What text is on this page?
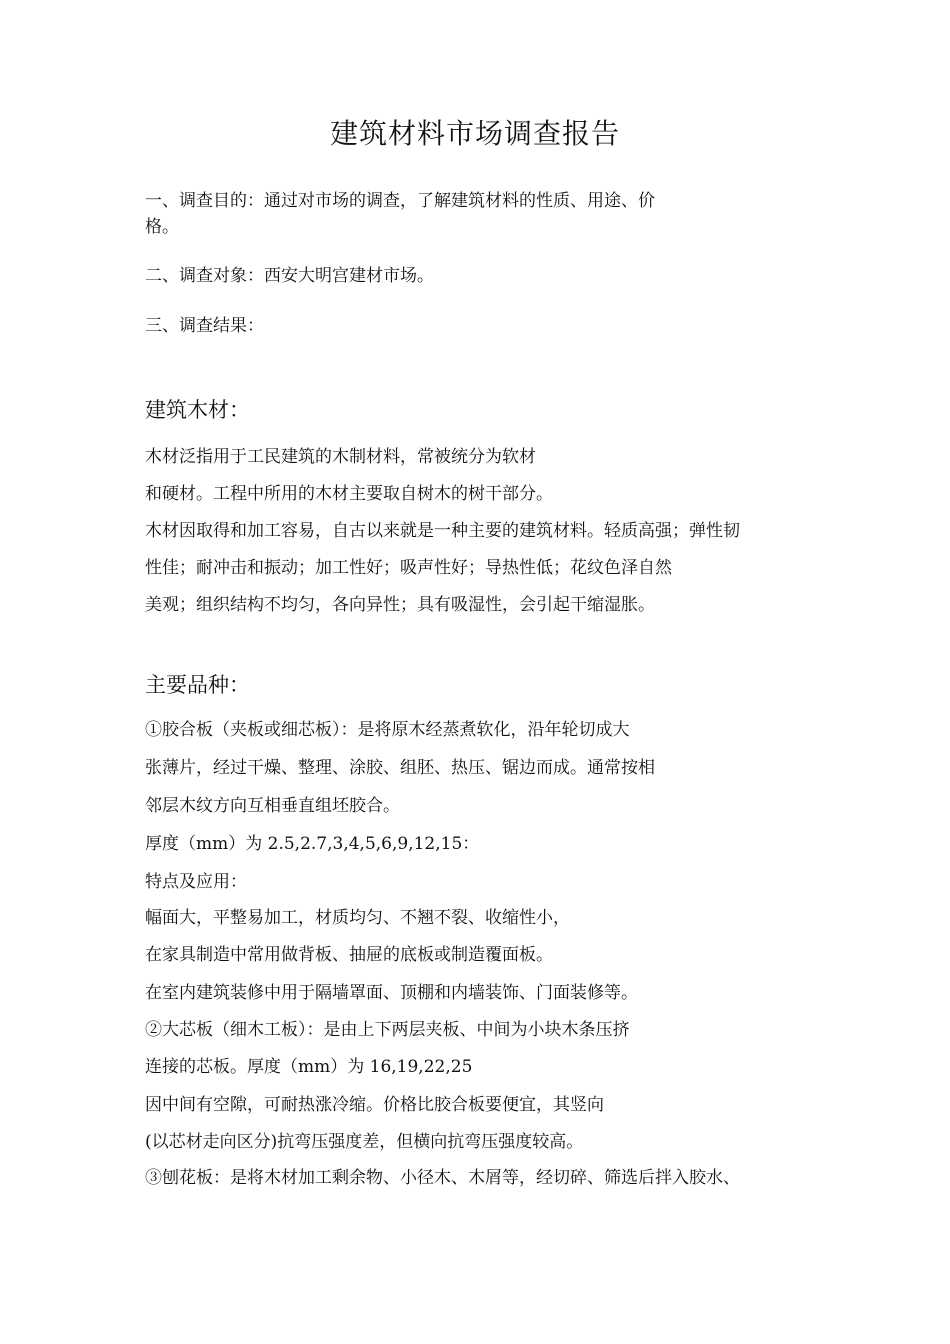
建筑材料市场调查报告
一、调查目的：通过对市场的调查，了解建筑材料的性质、用途、价
格。
二、调查对象：西安大明宫建材市场。
三、调查结果：
建筑木材：
木材泛指用于工民建筑的木制材料，常被统分为软材
和硬材。工程中所用的木材主要取自树木的树干部分。
木材因取得和加工容易，自古以来就是一种主要的建筑材料。轻质高强；弹性韧
性佳；耐冲击和振动；加工性好；吸声性好；导热性低；花纹色泽自然
美观；组织结构不均匀，各向异性；具有吸湿性，会引起干缩湿胀。
主要品种：
①胶合板（夹板或细芯板）：是将原木经蒸煮软化，沿年轮切成大
张薄片，经过干燥、整理、涂胶、组胚、热压、锯边而成。通常按相
邻层木纹方向互相垂直组坯胶合。
厚度（mm）为 2.5,2.7,3,4,5,6,9,12,15：
特点及应用：
幅面大，平整易加工，材质均匀、不翘不裂、收缩性小，
在家具制造中常用做背板、抽屉的底板或制造覆面板。
在室内建筑装修中用于隔墙罩面、顶棚和内墙装饰、门面装修等。
②大芯板（细木工板）：是由上下两层夹板、中间为小块木条压挤
连接的芯板。厚度（mm）为 16,19,22,25
因中间有空隙，可耐热涨冷缩。价格比胶合板要便宜，其竖向
(以芯材走向区分)抗弯压强度差，但横向抗弯压强度较高。
③刨花板：是将木材加工剩余物、小径木、木屑等，经切碎、筛选后拌入胶水、
